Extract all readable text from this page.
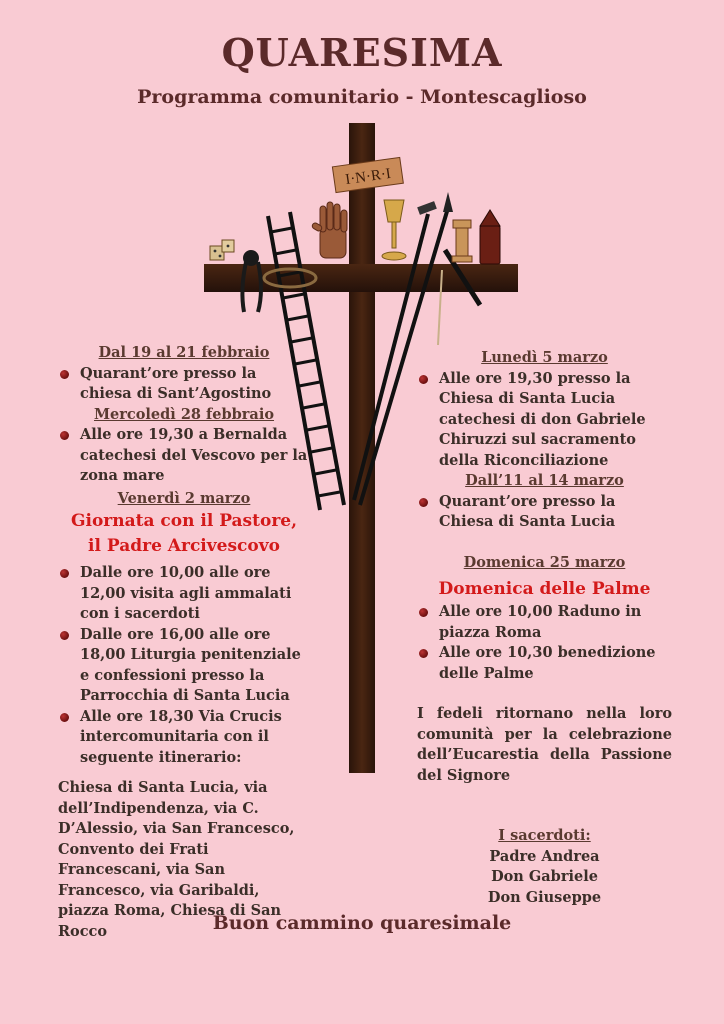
QUARESIMA
Programma comunitario - Montescaglioso
I·N·R·I
Dal 19 al 21 febbraio
Quarant’ore presso la chiesa di Sant’Agostino
Mercoledì 28 febbraio
Alle ore 19,30 a Bernalda catechesi del Vescovo per la zona mare
Venerdì 2 marzo
Giornata con il Pastore,
il Padre Arcivescovo
Dalle ore 10,00 alle ore 12,00 visita agli ammalati con i sacerdoti
Dalle ore 16,00 alle ore 18,00 Liturgia penitenziale e confessioni presso la Parrocchia di Santa Lucia
Alle ore 18,30 Via Crucis intercomunitaria con il seguente itinerario:
Chiesa di Santa Lucia, via dell’Indipendenza, via C. D’Alessio, via San Francesco, Convento dei Frati Francescani, via San Francesco, via Garibaldi, piazza Roma, Chiesa di San Rocco
Lunedì 5 marzo
Alle ore 19,30 presso la Chiesa di Santa Lucia catechesi di don Gabriele Chiruzzi sul sacramento della Riconciliazione
Dall’11 al 14 marzo
Quarant’ore presso la Chiesa di Santa Lucia
Domenica 25 marzo
Domenica delle Palme
Alle ore 10,00 Raduno in piazza Roma
Alle ore 10,30 benedizione delle Palme
I fedeli ritornano nella loro comunità per la celebrazione dell’Eucarestia della Passione del Signore
I sacerdoti:
Padre Andrea
Don Gabriele
Don Giuseppe
Buon cammino quaresimale
